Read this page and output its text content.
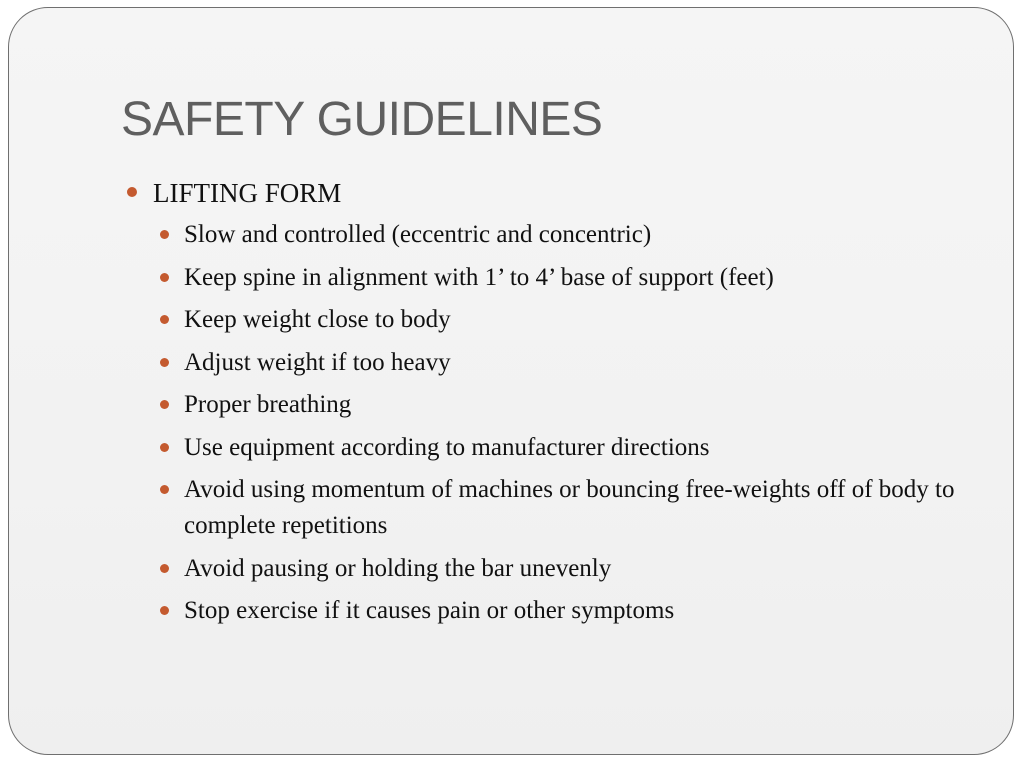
SAFETY GUIDELINES
LIFTING FORM
Slow and controlled (eccentric and concentric)
Keep spine in alignment with 1’ to 4’ base of support (feet)
Keep weight close to body
Adjust weight if too heavy
Proper breathing
Use equipment according to manufacturer directions
Avoid using momentum of machines or bouncing free-weights off of body to complete repetitions
Avoid pausing or holding the bar unevenly
Stop exercise if it causes pain or other symptoms
